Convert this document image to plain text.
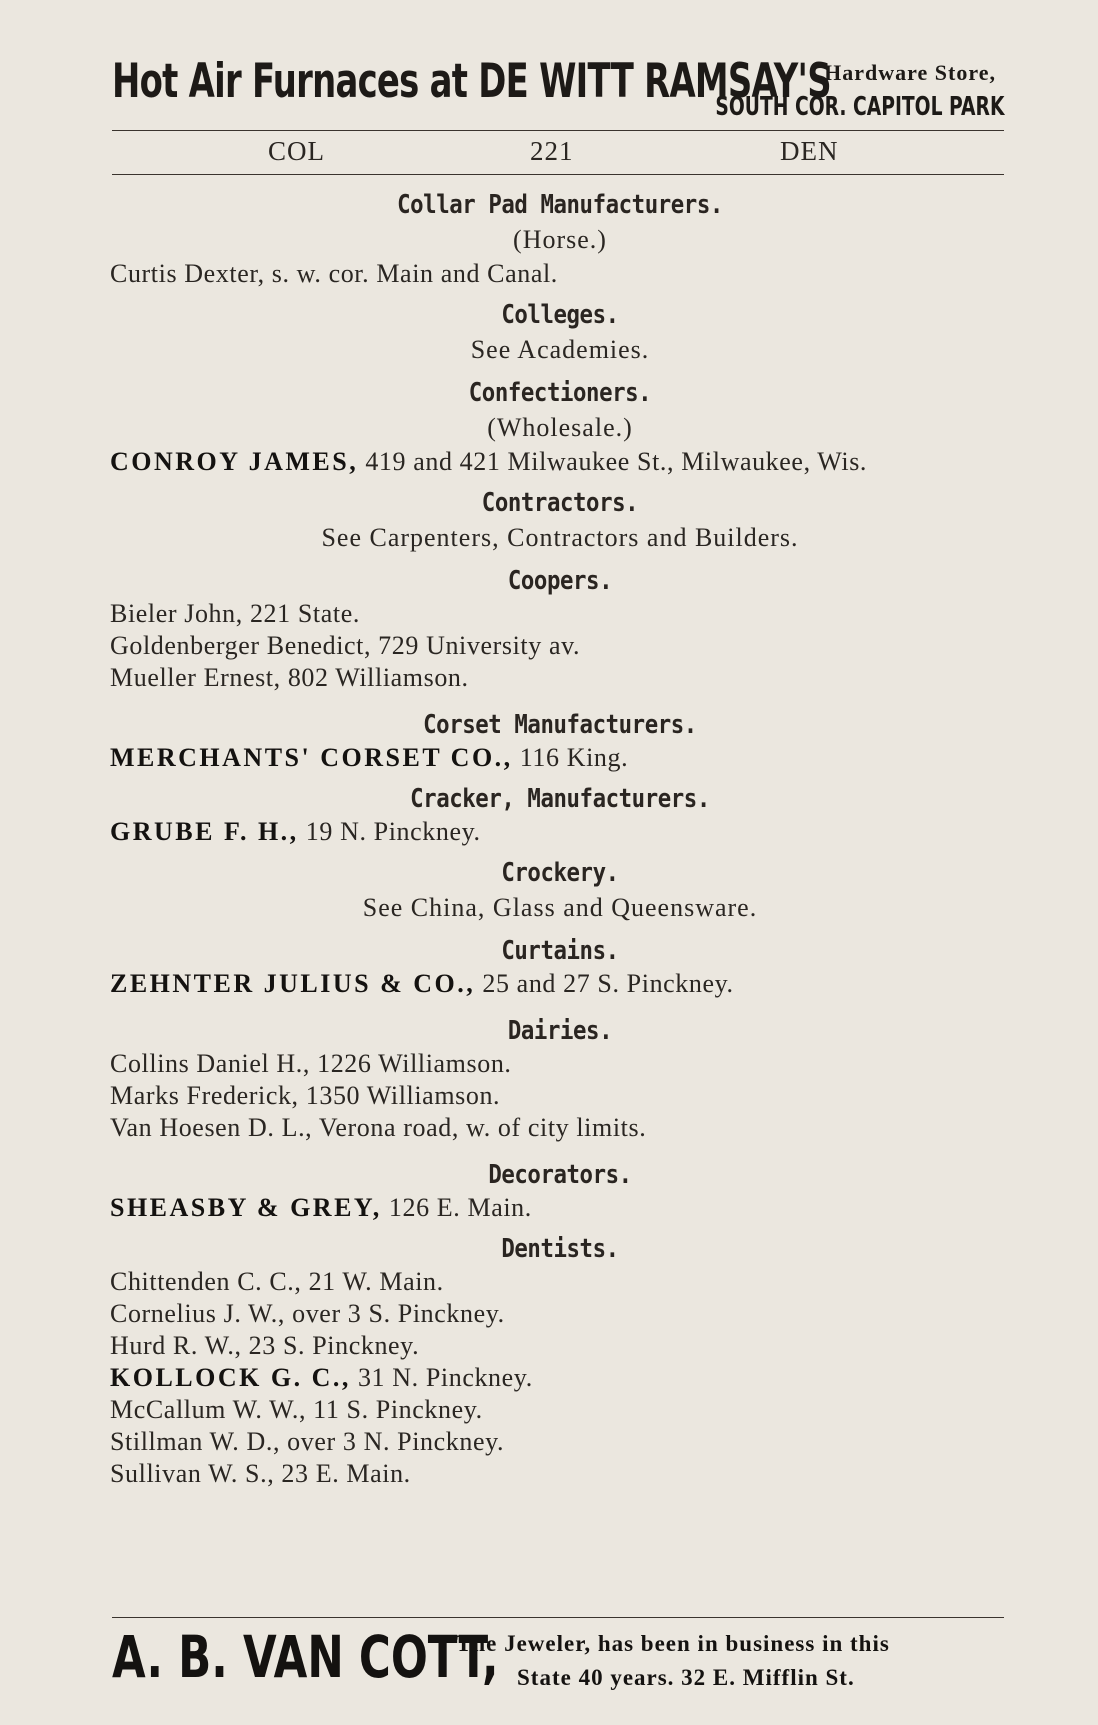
Hot Air Furnaces at DE WITT RAMSAY'S
Hardware Store,
SOUTH COR. CAPITOL PARK
COL	221	DEN
Collar Pad Manufacturers.
(Horse.)
Curtis Dexter, s. w. cor. Main and Canal.
Colleges.
See Academies.
Confectioners.
(Wholesale.)
CONROY JAMES, 419 and 421 Milwaukee St., Milwaukee, Wis.
Contractors.
See Carpenters, Contractors and Builders.
Coopers.
Bieler John, 221 State.
Goldenberger Benedict, 729 University av.
Mueller Ernest, 802 Williamson.
Corset Manufacturers.
MERCHANTS' CORSET CO., 116 King.
Cracker, Manufacturers.
GRUBE F. H., 19 N. Pinckney.
Crockery.
See China, Glass and Queensware.
Curtains.
ZEHNTER JULIUS & CO., 25 and 27 S. Pinckney.
Dairies.
Collins Daniel H., 1226 Williamson.
Marks Frederick, 1350 Williamson.
Van Hoesen D. L., Verona road, w. of city limits.
Decorators.
SHEASBY & GREY, 126 E. Main.
Dentists.
Chittenden C. C., 21 W. Main.
Cornelius J. W., over 3 S. Pinckney.
Hurd R. W., 23 S. Pinckney.
KOLLOCK G. C., 31 N. Pinckney.
McCallum W. W., 11 S. Pinckney.
Stillman W. D., over 3 N. Pinckney.
Sullivan W. S., 23 E. Main.
A. B. VAN COTT,
The Jeweler, has been in business in this
State 40 years. 32 E. Mifflin St.
